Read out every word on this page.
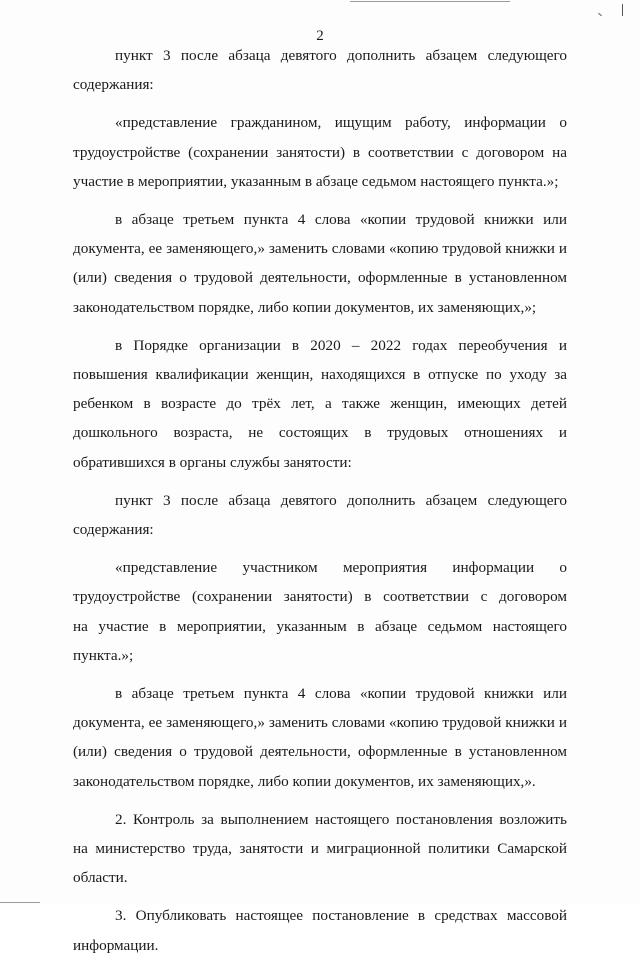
2

пункт 3 после абзаца девятого дополнить абзацем следующего содержания:

«представление гражданином, ищущим работу, информации о трудоустройстве (сохранении занятости) в соответствии с договором на участие в мероприятии, указанным в абзаце седьмом настоящего пункта.»;

в абзаце третьем пункта 4 слова «копии трудовой книжки или документа, ее заменяющего,» заменить словами «копию трудовой книжки и (или) сведения о трудовой деятельности, оформленные в установленном законодательством порядке, либо копии документов, их заменяющих,»;

в Порядке организации в 2020 – 2022 годах переобучения и повышения квалификации женщин, находящихся в отпуске по уходу за ребенком в возрасте до трёх лет, а также женщин, имеющих детей дошкольного возраста, не состоящих в трудовых отношениях и обратившихся в органы службы занятости:

пункт 3 после абзаца девятого дополнить абзацем следующего содержания:

«представление участником мероприятия информации о трудоустройстве (сохранении занятости) в соответствии с договором на участие в мероприятии, указанным в абзаце седьмом настоящего пункта.»;

в абзаце третьем пункта 4 слова «копии трудовой книжки или документа, ее заменяющего,» заменить словами «копию трудовой книжки и (или) сведения о трудовой деятельности, оформленные в установленном законодательством порядке, либо копии документов, их заменяющих,».

2. Контроль за выполнением настоящего постановления возложить на министерство труда, занятости и миграционной политики Самарской области.

3. Опубликовать настоящее постановление в средствах массовой информации.
